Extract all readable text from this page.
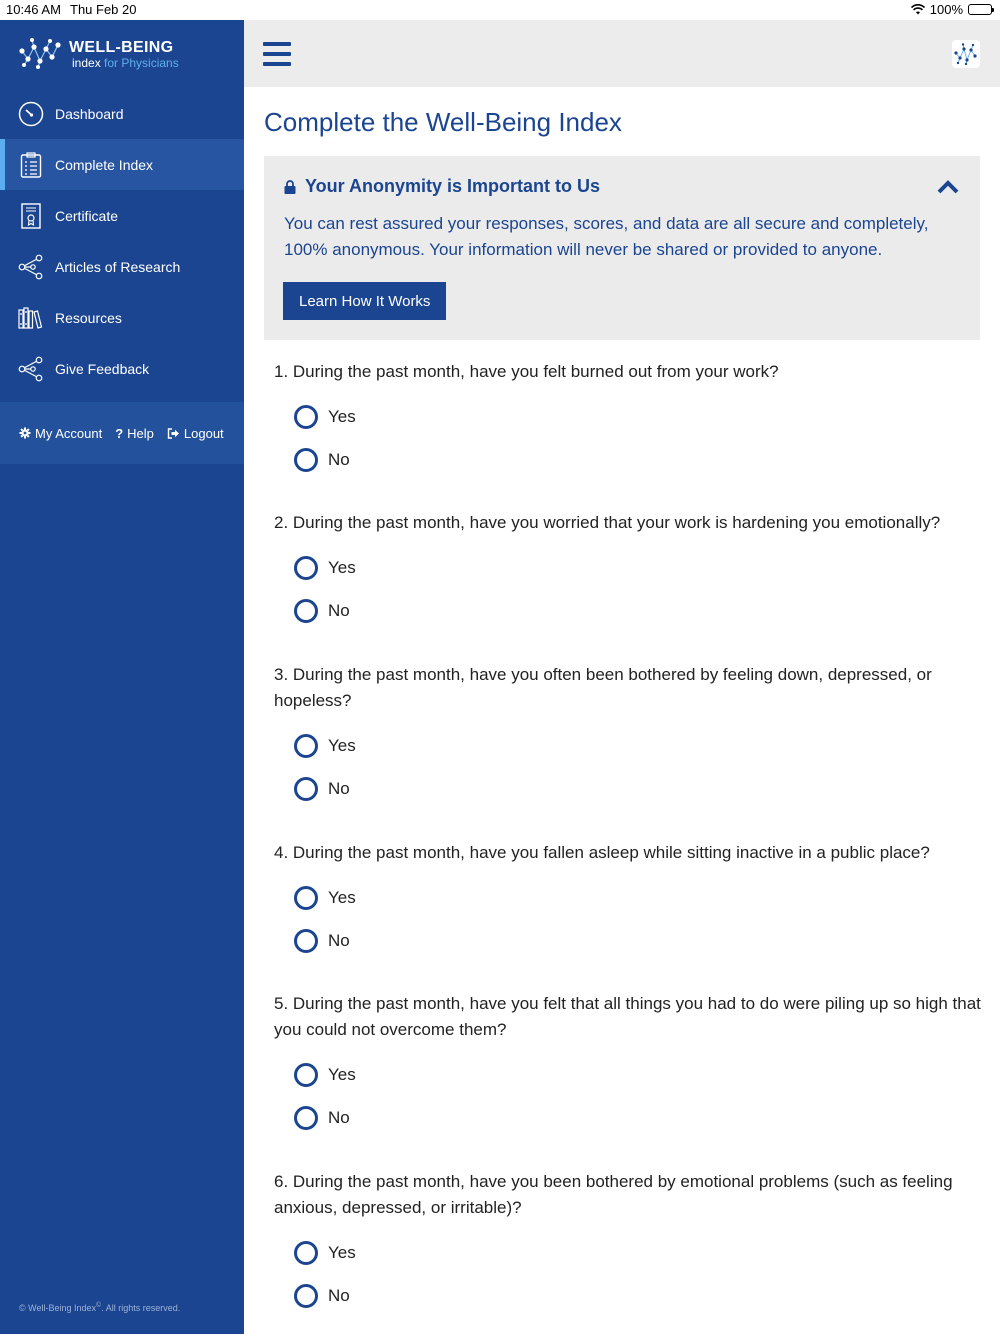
10:46 AM Thu Feb 20	100%
WELL-BEING
index for Physicians
Dashboard
Complete Index
Certificate
Articles of Research
Resources
Give Feedback
My Account ? Help Logout
© Well-Being Index©. All rights reserved.
Complete the Well-Being Index
Your Anonymity is Important to Us

You can rest assured your responses, scores, and data are all secure and completely, 100% anonymous. Your information will never be shared or provided to anyone.

Learn How It Works
1. During the past month, have you felt burned out from your work?
Yes
No
2. During the past month, have you worried that your work is hardening you emotionally?
Yes
No
3. During the past month, have you often been bothered by feeling down, depressed, or hopeless?
Yes
No
4. During the past month, have you fallen asleep while sitting inactive in a public place?
Yes
No
5. During the past month, have you felt that all things you had to do were piling up so high that you could not overcome them?
Yes
No
6. During the past month, have you been bothered by emotional problems (such as feeling anxious, depressed, or irritable)?
Yes
No
